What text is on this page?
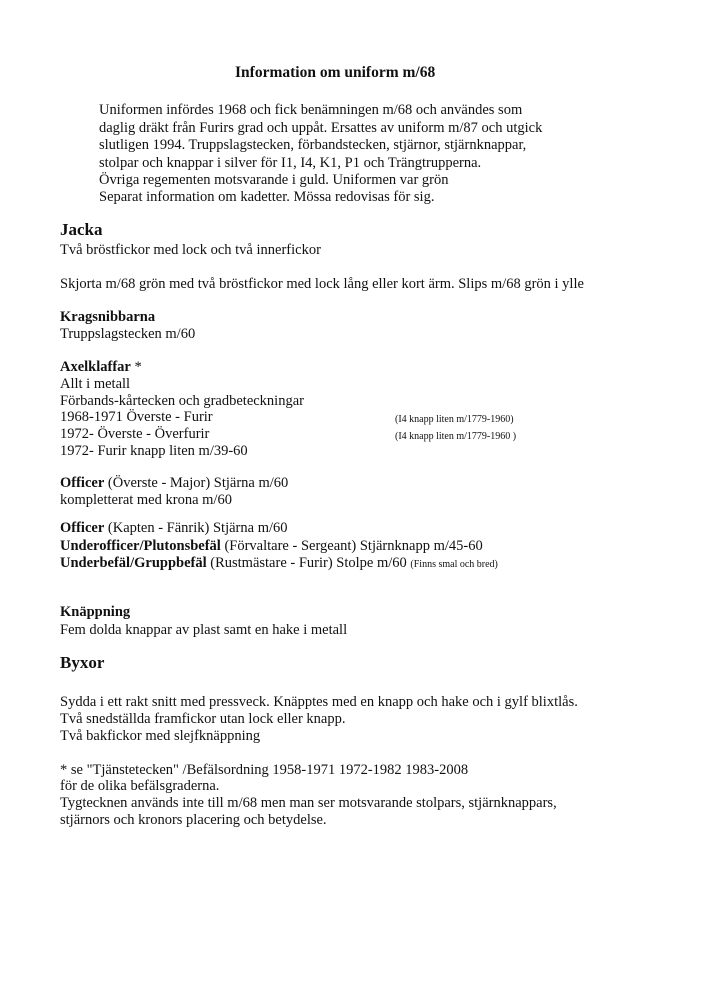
Information om uniform m/68
Uniformen infördes 1968 och fick benämningen m/68 och användes som
daglig dräkt från Furirs grad och uppåt. Ersattes av uniform m/87 och utgick
slutligen 1994. Truppslagstecken, förbandstecken, stjärnor, stjärnknappar,
stolpar och knappar i silver för I1, I4, K1, P1 och Trängtrupperna.
Övriga regementen motsvarande i guld. Uniformen var grön
Separat information om kadetter. Mössa redovisas för sig.
Jacka
Två bröstfickor med lock och två innerfickor
Skjorta m/68 grön med två bröstfickor med lock lång eller kort ärm. Slips m/68 grön i ylle
Kragsnibbarna
Truppslagstecken m/60
Axelklaffar *
Allt i metall
Förbands-kårtecken och gradbeteckningar
1968-1971 Överste - Furir	(I4 knapp liten m/1779-1960)
1972- Överste - Överfurir	(I4 knapp liten m/1779-1960 )
1972- Furir knapp liten m/39-60
Officer (Överste - Major) Stjärna m/60
kompletterat med krona m/60
Officer (Kapten - Fänrik) Stjärna m/60
Underofficer/Plutonsbefäl (Förvaltare - Sergeant) Stjärnknapp m/45-60
Underbefäl/Gruppbefäl (Rustmästare - Furir) Stolpe m/60 (Finns smal och bred)
Knäppning
Fem dolda knappar av plast samt en hake i metall
Byxor
Sydda i ett rakt snitt med pressveck. Knäpptes med en knapp och hake och i gylf blixtlås.
Två snedställda framfickor utan lock eller knapp.
Två bakfickor med slejfknäppning
* se "Tjänstetecken" /Befälsordning 1958-1971 1972-1982 1983-2008
för de olika befälsgraderna.
Tygtecknen används inte till m/68 men man ser motsvarande stolpars, stjärnknappars,
stjärnors och kronors placering och betydelse.
